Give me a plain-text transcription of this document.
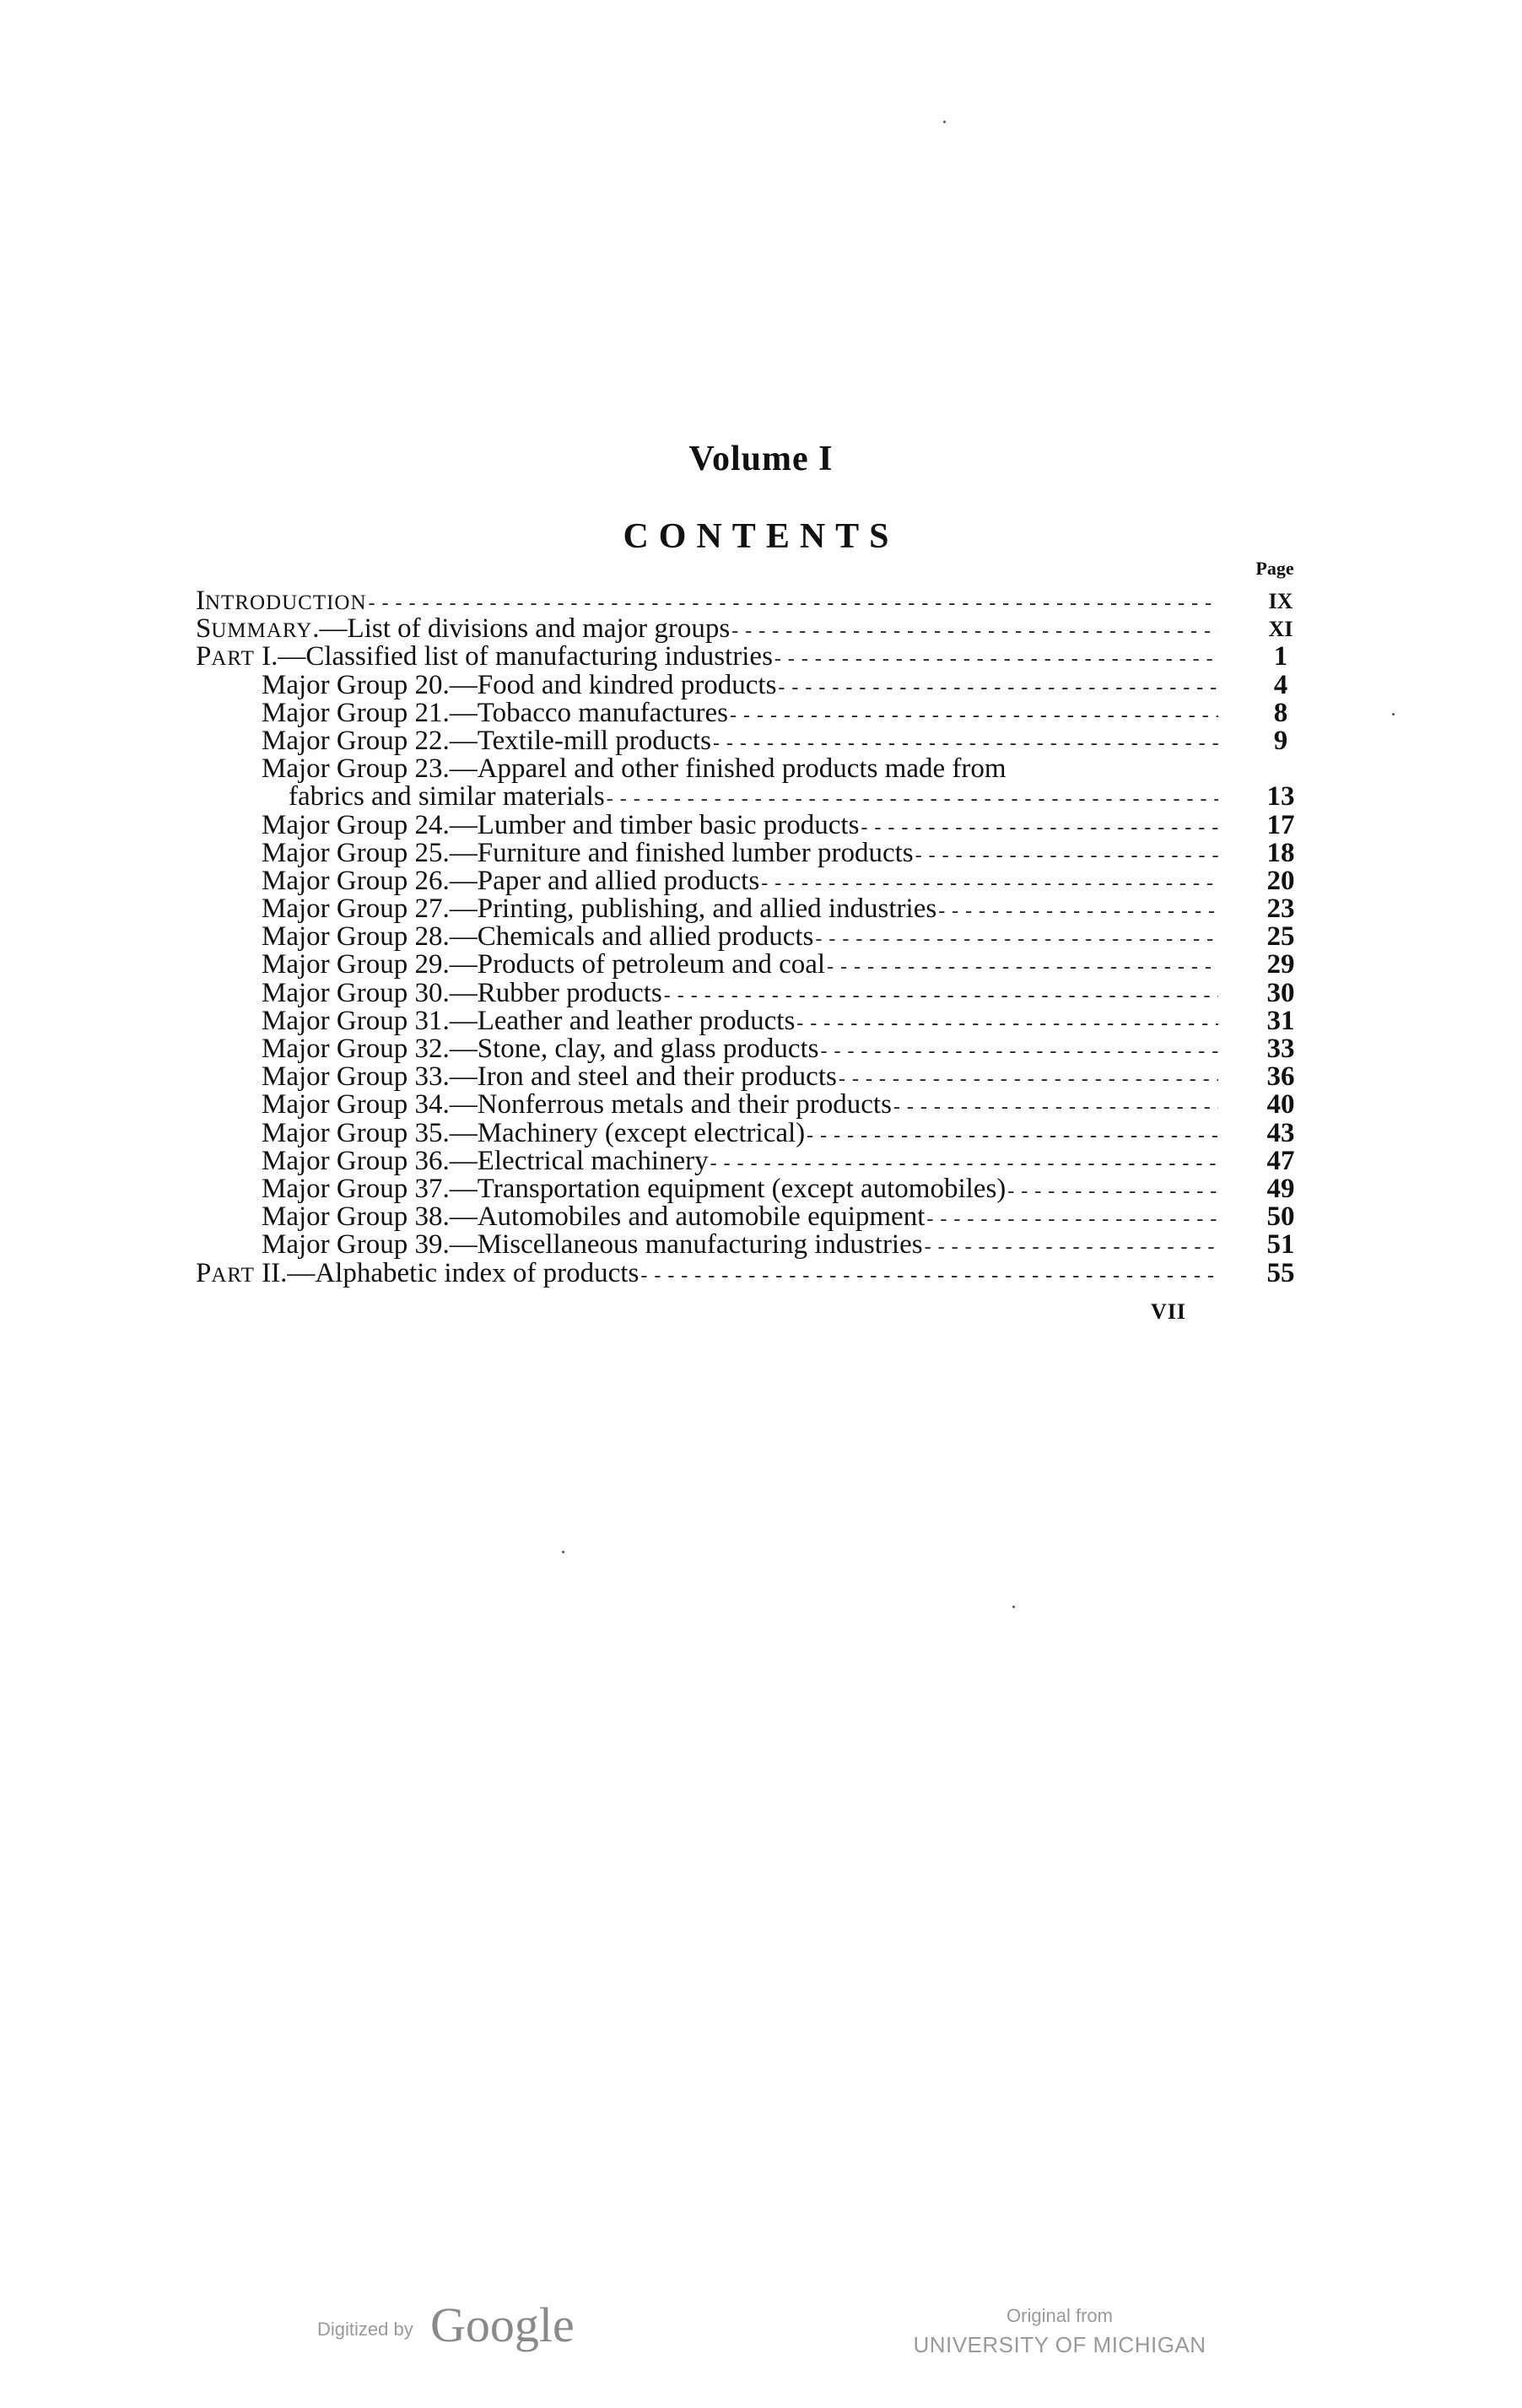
Volume I
CONTENTS
Page
INTRODUCTION - - -	IX
SUMMARY.—List of divisions and major groups - - -	XI
PART I.—Classified list of manufacturing industries - - -	1
Major Group 20.—Food and kindred products - - -	4
Major Group 21.—Tobacco manufactures - - -	8
Major Group 22.—Textile-mill products - - -	9
Major Group 23.—Apparel and other finished products made from
fabrics and similar materials - - -	13
Major Group 24.—Lumber and timber basic products - - -	17
Major Group 25.—Furniture and finished lumber products - - -	18
Major Group 26.—Paper and allied products - - -	20
Major Group 27.—Printing, publishing, and allied industries - - -	23
Major Group 28.—Chemicals and allied products - - -	25
Major Group 29.—Products of petroleum and coal - - -	29
Major Group 30.—Rubber products - - -	30
Major Group 31.—Leather and leather products - - -	31
Major Group 32.—Stone, clay, and glass products - - -	33
Major Group 33.—Iron and steel and their products - - -	36
Major Group 34.—Nonferrous metals and their products - - -	40
Major Group 35.—Machinery (except electrical) - - -	43
Major Group 36.—Electrical machinery - - -	47
Major Group 37.—Transportation equipment (except automobiles) - - -	49
Major Group 38.—Automobiles and automobile equipment - - -	50
Major Group 39.—Miscellaneous manufacturing industries - - -	51
PART II.—Alphabetic index of products - - -	55
VII
Digitized by Google	Original from
UNIVERSITY OF MICHIGAN
